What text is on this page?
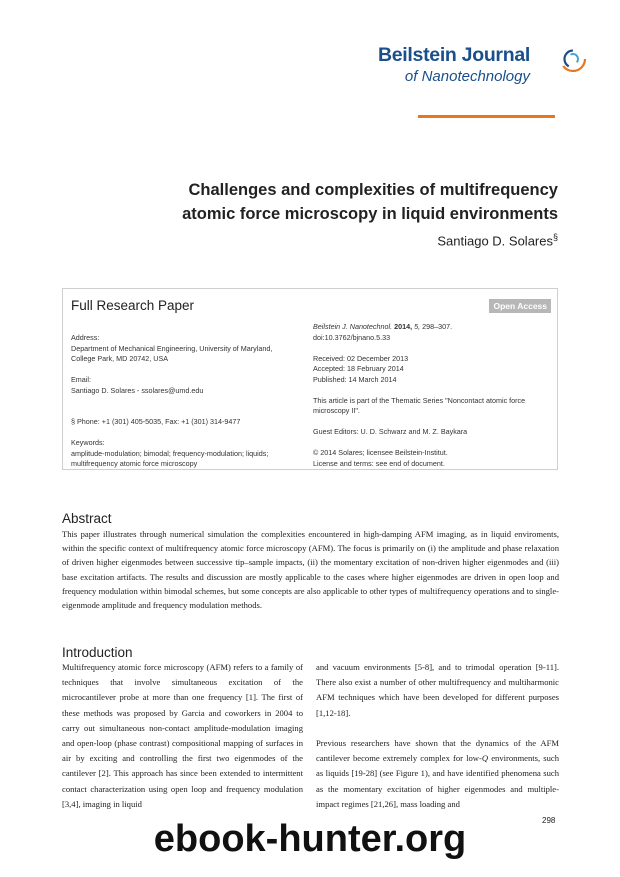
Beilstein Journal
of Nanotechnology
Challenges and complexities of multifrequency
atomic force microscopy in liquid environments
Santiago D. Solares§
Full Research Paper	Open Access
Address:
Department of Mechanical Engineering, University of Maryland,
College Park, MD 20742, USA
Email:
Santiago D. Solares - ssolares@umd.edu
§ Phone: +1 (301) 405-5035, Fax: +1 (301) 314-9477
Keywords:
amplitude-modulation; bimodal; frequency-modulation; liquids;
multifrequency atomic force microscopy
Beilstein J. Nanotechnol. 2014, 5, 298–307.
doi:10.3762/bjnano.5.33
Received: 02 December 2013
Accepted: 18 February 2014
Published: 14 March 2014
This article is part of the Thematic Series "Noncontact atomic force
microscopy II".
Guest Editors: U. D. Schwarz and M. Z. Baykara
© 2014 Solares; licensee Beilstein-Institut.
License and terms: see end of document.
Abstract
This paper illustrates through numerical simulation the complexities encountered in high-damping AFM imaging, as in liquid enviroments, within the specific context of multifrequency atomic force microscopy (AFM). The focus is primarily on (i) the amplitude and phase relaxation of driven higher eigenmodes between successive tip–sample impacts, (ii) the momentary excitation of non-driven higher eigenmodes and (iii) base excitation artifacts. The results and discussion are mostly applicable to the cases where higher eigenmodes are driven in open loop and frequency modulation within bimodal schemes, but some concepts are also applicable to other types of multifrequency operations and to single-eigenmode amplitude and frequency modulation methods.
Introduction

Multifrequency atomic force microscopy (AFM) refers to a family of techniques that involve simultaneous excitation of the microcantilever probe at more than one frequency [1]. The first of these methods was proposed by Garcia and coworkers in 2004 to carry out simultaneous non-contact amplitude-modulation imaging and open-loop (phase contrast) compositional mapping of surfaces in air by exciting and controlling the first two eigenmodes of the cantilever [2]. This approach has since been extended to intermittent contact characterization using open loop and frequency modulation [3,4], imaging in liquid

and vacuum environments [5-8], and to trimodal operation [9-11]. There also exist a number of other multifrequency and multiharmonic AFM techniques which have been developed for different purposes [1,12-18].

Previous researchers have shown that the dynamics of the AFM cantilever become extremely complex for low-Q environments, such as liquids [19-28] (see Figure 1), and have identified phenomena such as the momentary excitation of higher eigenmodes and multiple-impact regimes [21,26], mass loading and

298
ebook-hunter.org
